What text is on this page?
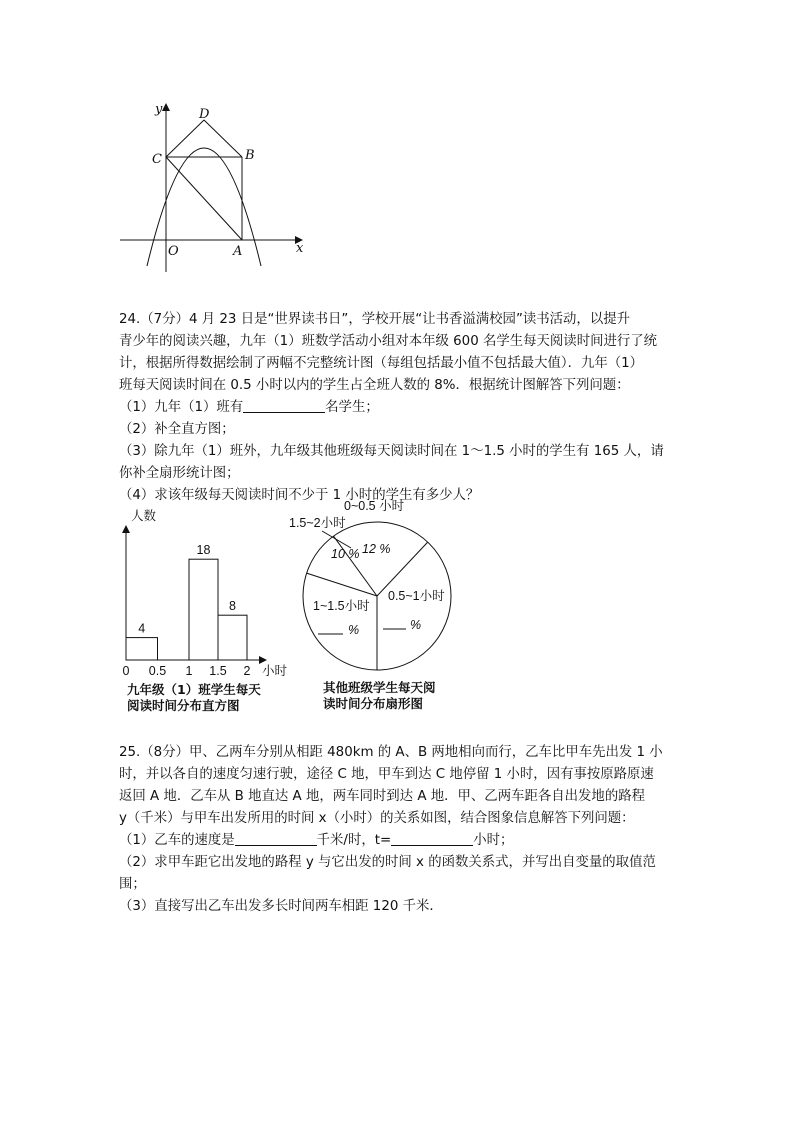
y
x
O	A
B
C
D
24.（7分）4 月 23 日是“世界读书日”，学校开展“让书香溢满校园”读书活动，以提升
青少年的阅读兴趣，九年（1）班数学活动小组对本年级 600 名学生每天阅读时间进行了统
计，根据所得数据绘制了两幅不完整统计图（每组包括最小值不包括最大值）．九年（1）
班每天阅读时间在 0.5 小时以内的学生占全班人数的 8%．根据统计图解答下列问题：
（1）九年（1）班有	名学生；
（2）补全直方图；
（3）除九年（1）班外，九年级其他班级每天阅读时间在 1～1.5 小时的学生有 165 人，请
你补全扇形统计图；
（4）求该年级每天阅读时间不少于 1 小时的学生有多少人？
人数
小时
4
18
8
0 0.5 1 1.5 2
九年级（1）班学生每天
阅读时间分布直方图
0~0.5 小时
1.5~2小时
1~1.5小时
0.5~1小时
12 %
10 %
%	%
其他班级学生每天阅
读时间分布扇形图
25.（8分）甲、乙两车分别从相距 480km 的 A、B 两地相向而行，乙车比甲车先出发 1 小
时，并以各自的速度匀速行驶，途径 C 地，甲车到达 C 地停留 1 小时，因有事按原路原速
返回 A 地．乙车从 B 地直达 A 地，两车同时到达 A 地．甲、乙两车距各自出发地的路程
y（千米）与甲车出发所用的时间 x（小时）的关系如图，结合图象信息解答下列问题：
（1）乙车的速度是	千米/时，t=	小时；
（2）求甲车距它出发地的路程 y 与它出发的时间 x 的函数关系式，并写出自变量的取值范
围；
（3）直接写出乙车出发多长时间两车相距 120 千米．
